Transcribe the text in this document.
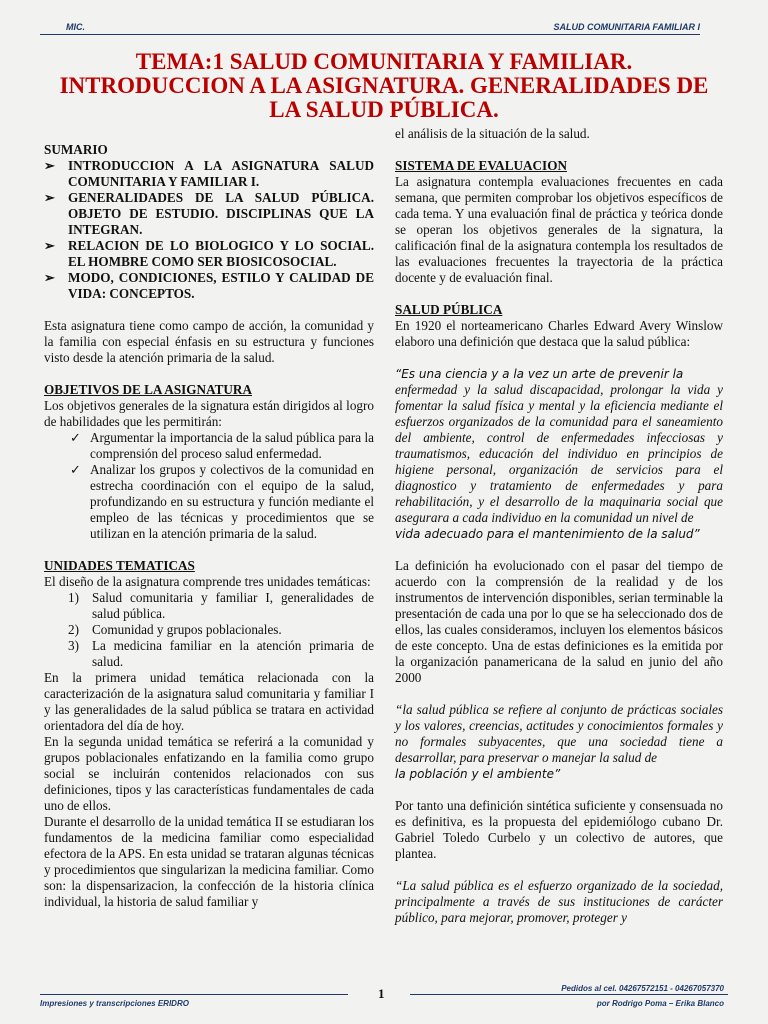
MIC.	SALUD COMUNITARIA FAMILIAR I
TEMA:1 SALUD COMUNITARIA Y FAMILIAR.
INTRODUCCION A LA ASIGNATURA. GENERALIDADES DE
LA SALUD PÚBLICA.

SUMARIO

➢ INTRODUCCION A LA ASIGNATURA SALUD COMUNITARIA Y FAMILIAR I.

➢ GENERALIDADES DE LA SALUD PÚBLICA. OBJETO DE ESTUDIO. DISCIPLINAS QUE LA INTEGRAN.

➢ RELACION DE LO BIOLOGICO Y LO SOCIAL. EL HOMBRE COMO SER BIOSICOSOCIAL.

➢ MODO, CONDICIONES, ESTILO Y CALIDAD DE VIDA: CONCEPTOS.

Esta asignatura tiene como campo de acción, la comunidad y la familia con especial énfasis en su estructura y funciones visto desde la atención primaria de la salud.

OBJETIVOS DE LA ASIGNATURA

Los objetivos generales de la signatura están dirigidos al logro de habilidades que les permitirán:

✓ Argumentar la importancia de la salud pública para la comprensión del proceso salud enfermedad.

✓ Analizar los grupos y colectivos de la comunidad en estrecha coordinación con el equipo de la salud, profundizando en su estructura y función mediante el empleo de las técnicas y procedimientos que se utilizan en la atención primaria de la salud.

UNIDADES TEMATICAS

El diseño de la asignatura comprende tres unidades temáticas:

1) Salud comunitaria y familiar I, generalidades de salud pública.

2) Comunidad y grupos poblacionales.

3) La medicina familiar en la atención primaria de salud.

En la primera unidad temática relacionada con la caracterización de la asignatura salud comunitaria y familiar I y las generalidades de la salud pública se tratara en actividad orientadora del día de hoy.

En la segunda unidad temática se referirá a la comunidad y grupos poblacionales enfatizando en la familia como grupo social se incluirán contenidos relacionados con sus definiciones, tipos y las características fundamentales de cada uno de ellos.

Durante el desarrollo de la unidad temática II se estudiaran los fundamentos de la medicina familiar como especialidad efectora de la APS. En esta unidad se trataran algunas técnicas y procedimientos que singularizan la medicina familiar. Como son: la dispensarizacion, la confección de la historia clínica individual, la historia de salud familiar y

el análisis de la situación de la salud.

SISTEMA DE EVALUACION

La asignatura contempla evaluaciones frecuentes en cada semana, que permiten comprobar los objetivos específicos de cada tema. Y una evaluación final de práctica y teórica donde se operan los objetivos generales de la signatura, la calificación final de la asignatura contempla los resultados de las evaluaciones frecuentes la trayectoria de la práctica docente y de evaluación final.

SALUD PÚBLICA

En 1920 el norteamericano Charles Edward Avery Winslow elaboro una definición que destaca que la salud pública:

“Es una ciencia y a la vez un arte de prevenir la

enfermedad y la salud discapacidad, prolongar la vida y fomentar la salud física y mental y la eficiencia mediante el esfuerzos organizados de la comunidad para el saneamiento del ambiente, control de enfermedades infecciosas y traumatismos, educación del individuo en principios de higiene personal, organización de servicios para el diagnostico y tratamiento de enfermedades y para rehabilitación, y el desarrollo de la maquinaria social que asegurara a cada individuo en la comunidad un nivel de

vida adecuado para el mantenimiento de la salud”

La definición ha evolucionado con el pasar del tiempo de acuerdo con la comprensión de la realidad y de los instrumentos de intervención disponibles, serian terminable la presentación de cada una por lo que se ha seleccionado dos de ellos, las cuales consideramos, incluyen los elementos básicos de este concepto. Una de estas definiciones es la emitida por la organización panamericana de la salud en junio del año 2000

“la salud pública se refiere al conjunto de prácticas sociales y los valores, creencias, actitudes y conocimientos formales y no formales subyacentes, que una sociedad tiene a desarrollar, para preservar o manejar la salud de

la población y el ambiente”

Por tanto una definición sintética suficiente y consensuada no es definitiva, es la propuesta del epidemiólogo cubano Dr. Gabriel Toledo Curbelo y un colectivo de autores, que plantea.

“La salud pública es el esfuerzo organizado de la sociedad, principalmente a través de sus instituciones de carácter público, para mejorar, promover, proteger y

Impresiones y transcripciones ERIDRO
1	Pedidos al cel. 04267572151 - 04267057370
por Rodrigo Poma – Erika Blanco
